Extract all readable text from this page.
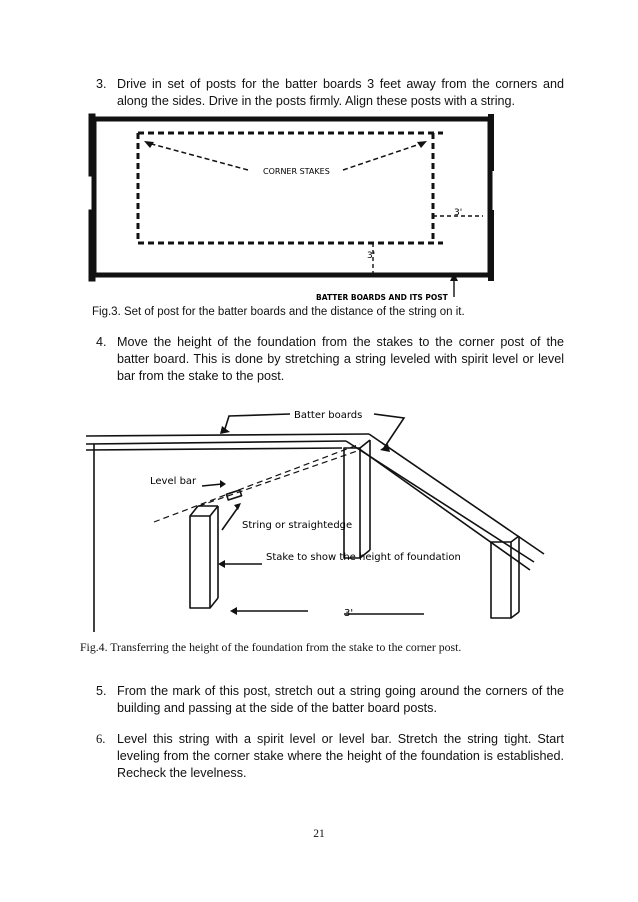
3. Drive in set of posts for the batter boards 3 feet away from the corners and along the sides. Drive in the posts firmly. Align these posts with a string.
CORNER STAKES
3'
3'
BATTER BOARDS AND ITS POST
Fig.3. Set of post for the batter boards and the distance of the string on it.
4. Move the height of the foundation from the stakes to the corner post of the batter board. This is done by stretching a string leveled with spirit level or level bar from the stake to the post.
Batter boards
Level bar
String or straightedge
Stake to show the height of foundation
3'
Fig.4. Transferring the height of the foundation from the stake to the corner post.
5. From the mark of this post, stretch out a string going around the corners of the building and passing at the side of the batter board posts.
6. Level this string with a spirit level or level bar. Stretch the string tight. Start leveling from the corner stake where the height of the foundation is established. Recheck the levelness.
21
